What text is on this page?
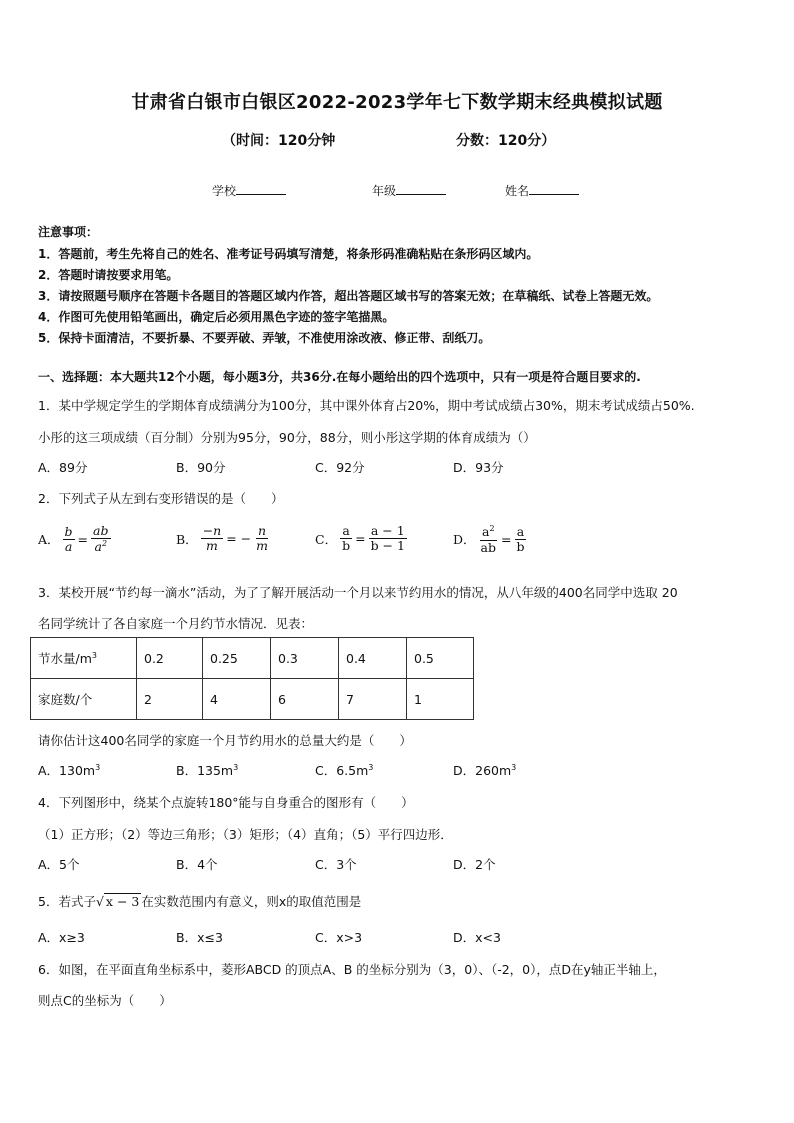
甘肃省白银市白银区2022-2023学年七下数学期末经典模拟试题
（时间：120分钟	分数：120分）
学校	年级	姓名
注意事项：
1．答题前，考生先将自己的姓名、准考证号码填写清楚，将条形码准确粘贴在条形码区域内。
2．答题时请按要求用笔。
3．请按照题号顺序在答题卡各题目的答题区域内作答，超出答题区域书写的答案无效；在草稿纸、试卷上答题无效。
4．作图可先使用铅笔画出，确定后必须用黑色字迹的签字笔描黑。
5．保持卡面清洁，不要折暴、不要弄破、弄皱，不准使用涂改液、修正带、刮纸刀。
一、选择题：本大题共12个小题，每小题3分，共36分.在每小题给出的四个选项中，只有一项是符合题目要求的.
1．某中学规定学生的学期体育成绩满分为100分，其中课外体育占20%，期中考试成绩占30%，期末考试成绩占50%.
小彤的这三项成绩（百分制）分别为95分，90分，88分，则小彤这学期的体育成绩为（）
A．89分	B．90分	C．92分	D．93分
2．下列式子从左到右变形错误的是（　　）
A． $\frac{b}{a} = \frac{ab}{a^2}$	B． $\frac{-n}{m}$ = − $\frac{n}{m}$	C． $\frac{a}{b} = \frac{a - 1}{b - 1}$	D． $\frac{a^2}{ab} = \frac{a}{b}$
3．某校开展“节约每一滴水”活动，为了了解开展活动一个月以来节约用水的情况，从八年级的400名同学中选取 20
名同学统计了各自家庭一个月约节水情况．见表：
节水量$/m^3$	0.2	0.25	0.3	0.4	0.5
家庭数/个	2	4	6	7	1
请你估计这400名同学的家庭一个月节约用水的总量大约是（　　）
A．$130m^3$	B．$135m^3$	C．$6.5m^3$	D．$260m^3$
4．下列图形中，绕某个点旋转180°能与自身重合的图形有（　　）
（1）正方形；（2）等边三角形；（3）矩形；（4）直角；（5）平行四边形．
A．5个	B．4个	C．3个	D．2个
5．若式子√ x − 3 在实数范围内有意义，则x的取值范围是
A．x≥3	B．x≤3	C．x>3	D．x<3
6．如图，在平面直角坐标系中，菱形ABCD 的顶点A、B 的坐标分别为（3，0）、（-2，0），点D在y轴正半轴上，
则点C的坐标为（　　）
